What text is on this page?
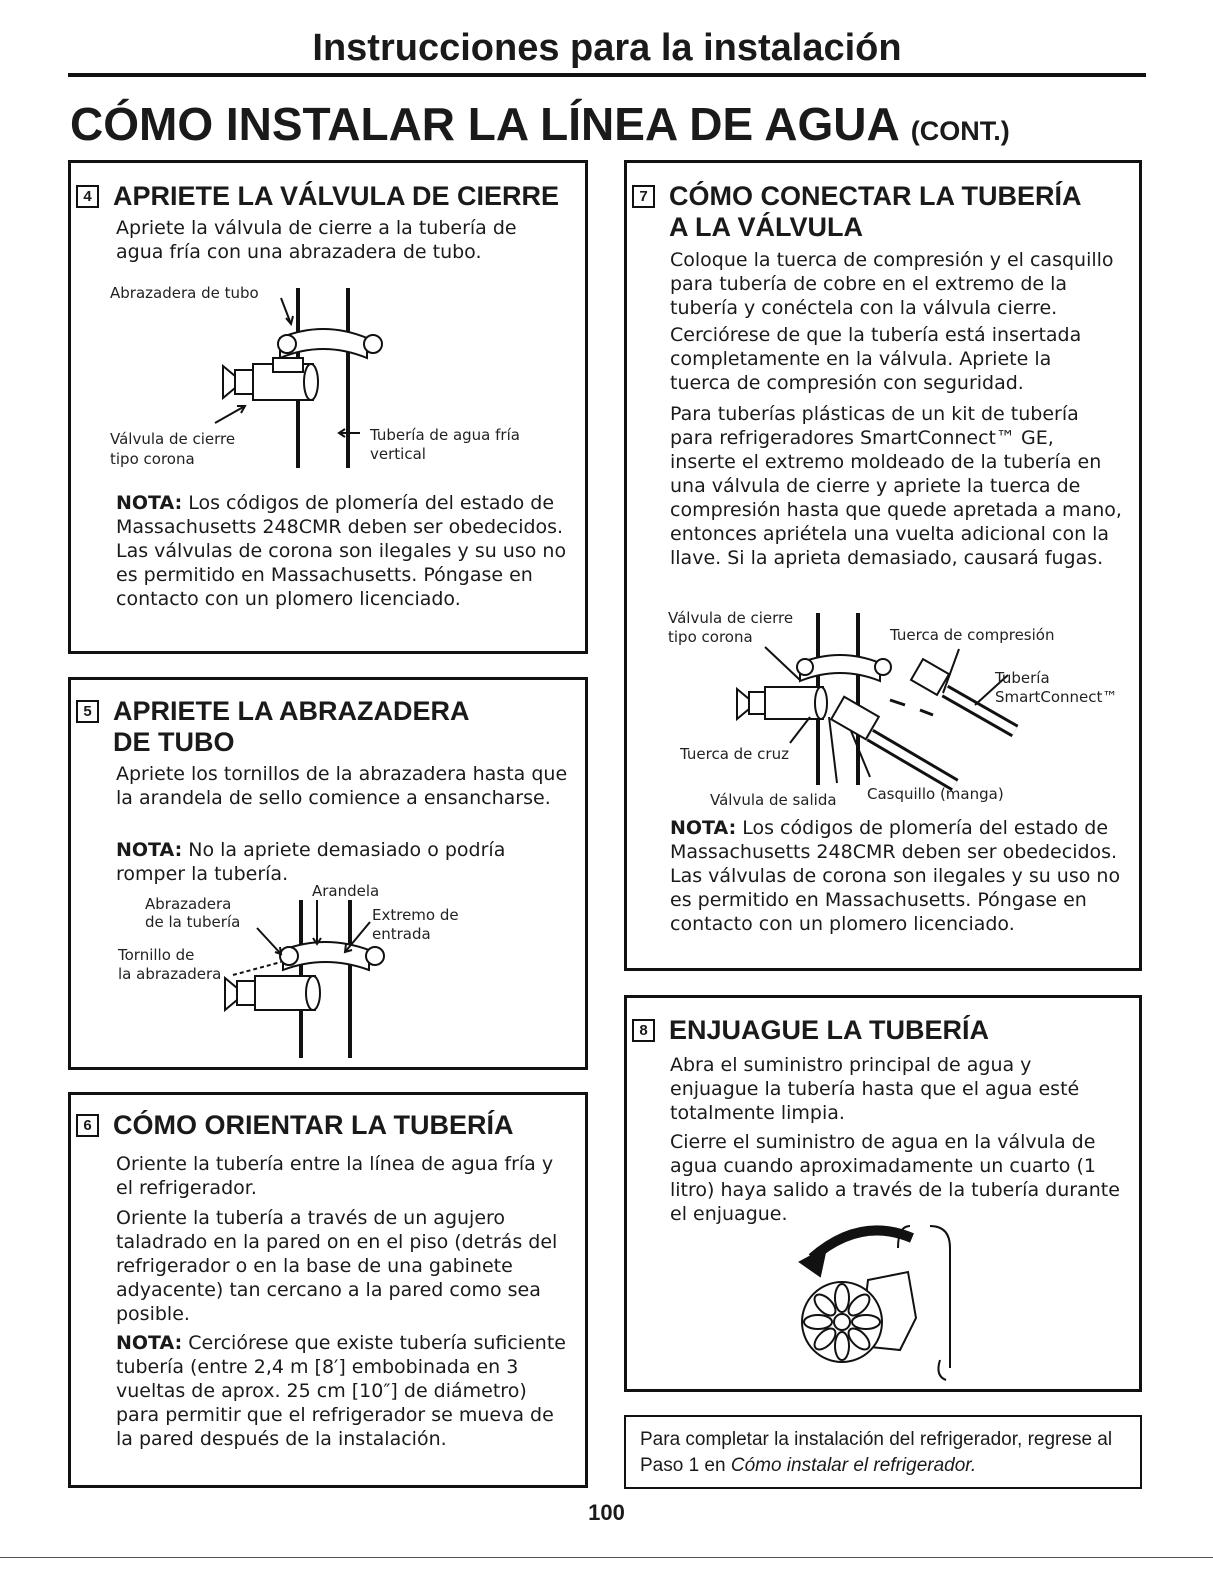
Instrucciones para la instalación
CÓMO INSTALAR LA LÍNEA DE AGUA (CONT.)
4 APRIETE LA VÁLVULA DE CIERRE
Apriete la válvula de cierre a la tubería de agua fría con una abrazadera de tubo.
Abrazadera de tubo
Válvula de cierre
tipo corona
Tubería de agua fría
vertical
NOTA: Los códigos de plomería del estado de Massachusetts 248CMR deben ser obedecidos. Las válvulas de corona son ilegales y su uso no es permitido en Massachusetts. Póngase en contacto con un plomero licenciado.
5 APRIETE LA ABRAZADERA
DE TUBO
Apriete los tornillos de la abrazadera hasta que la arandela de sello comience a ensancharse.
NOTA: No la apriete demasiado o podría romper la tubería.
Abrazadera
de la tubería
Arandela
Extremo de
entrada
Tornillo de
la abrazadera
6 CÓMO ORIENTAR LA TUBERÍA
Oriente la tubería entre la línea de agua fría y el refrigerador.
Oriente la tubería a través de un agujero taladrado en la pared on en el piso (detrás del refrigerador o en la base de una gabinete adyacente) tan cercano a la pared como sea posible.
NOTA: Cerciórese que existe tubería suficiente tubería (entre 2,4 m [8′] embobinada en 3 vueltas de aprox. 25 cm [10″] de diámetro) para permitir que el refrigerador se mueva de la pared después de la instalación.
7 CÓMO CONECTAR LA TUBERÍA
A LA VÁLVULA
Coloque la tuerca de compresión y el casquillo para tubería de cobre en el extremo de la tubería y conéctela con la válvula cierre.
Cerciórese de que la tubería está insertada completamente en la válvula. Apriete la tuerca de compresión con seguridad.
Para tuberías plásticas de un kit de tubería para refrigeradores SmartConnect™ GE, inserte el extremo moldeado de la tubería en una válvula de cierre y apriete la tuerca de compresión hasta que quede apretada a mano, entonces apriétela una vuelta adicional con la llave. Si la aprieta demasiado, causará fugas.
Válvula de cierre
tipo corona	Tuerca de compresión
Tubería
SmartConnect™
Tuerca de cruz
Válvula de salida Casquillo (manga)
NOTA: Los códigos de plomería del estado de Massachusetts 248CMR deben ser obedecidos. Las válvulas de corona son ilegales y su uso no es permitido en Massachusetts. Póngase en contacto con un plomero licenciado.
8 ENJUAGUE LA TUBERÍA
Abra el suministro principal de agua y enjuague la tubería hasta que el agua esté totalmente limpia.
Cierre el suministro de agua en la válvula de agua cuando aproximadamente un cuarto (1 litro) haya salido a través de la tubería durante el enjuague.
Para completar la instalación del refrigerador, regrese al Paso 1 en Cómo instalar el refrigerador.
100
